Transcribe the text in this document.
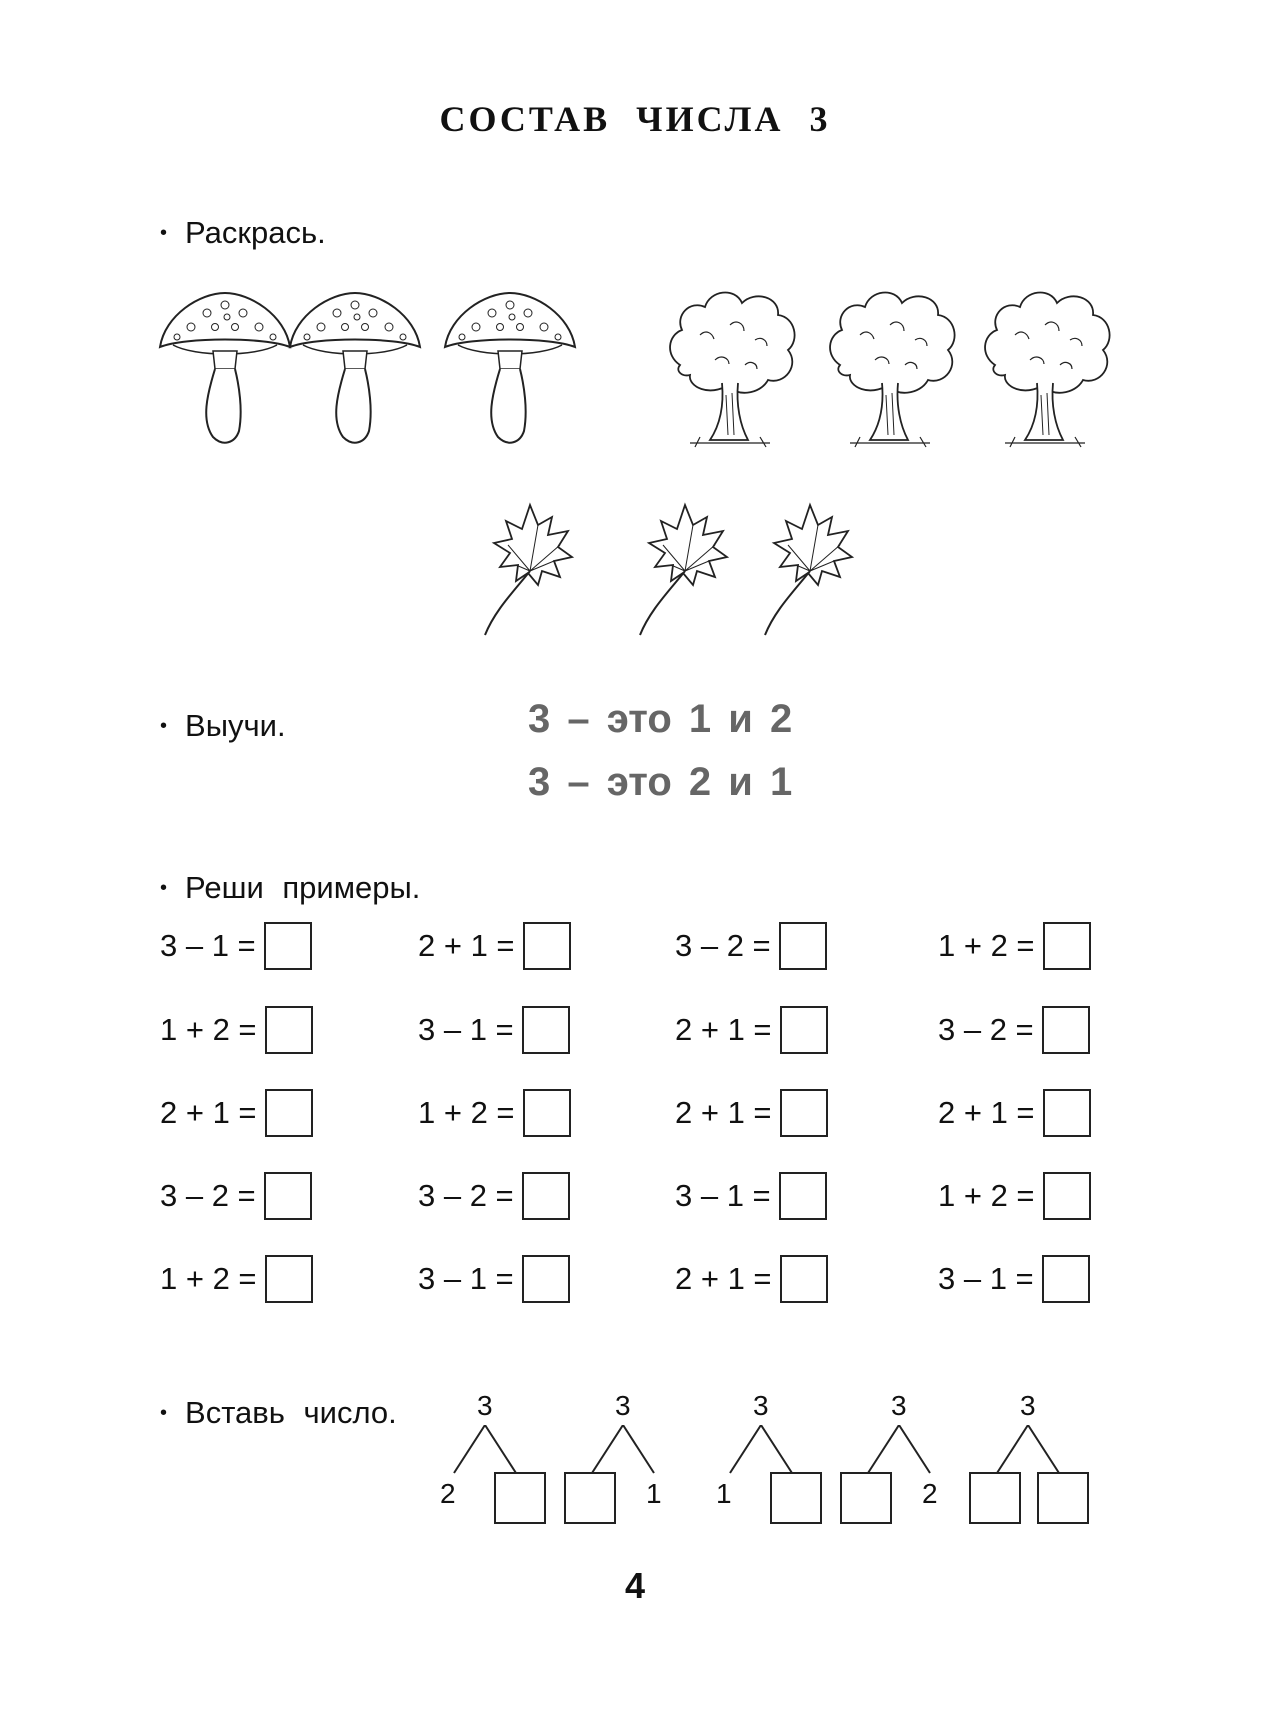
СОСТАВ ЧИСЛА 3
• Раскрась.
• Выучи.	3 – это 1 и 2
3 – это 2 и 1
• Реши примеры.
3 – 1 =	2 + 1 =	3 – 2 =	1 + 2 =
1 + 2 =	3 – 1 =	2 + 1 =	3 – 2 =
2 + 1 =	1 + 2 =	2 + 1 =	2 + 1 =
3 – 2 =	3 – 2 =	3 – 1 =	1 + 2 =
1 + 2 =	3 – 1 =	2 + 1 =	3 – 1 =
• Вставь число.	3
2
3
1
3
1
3
2
3
4
